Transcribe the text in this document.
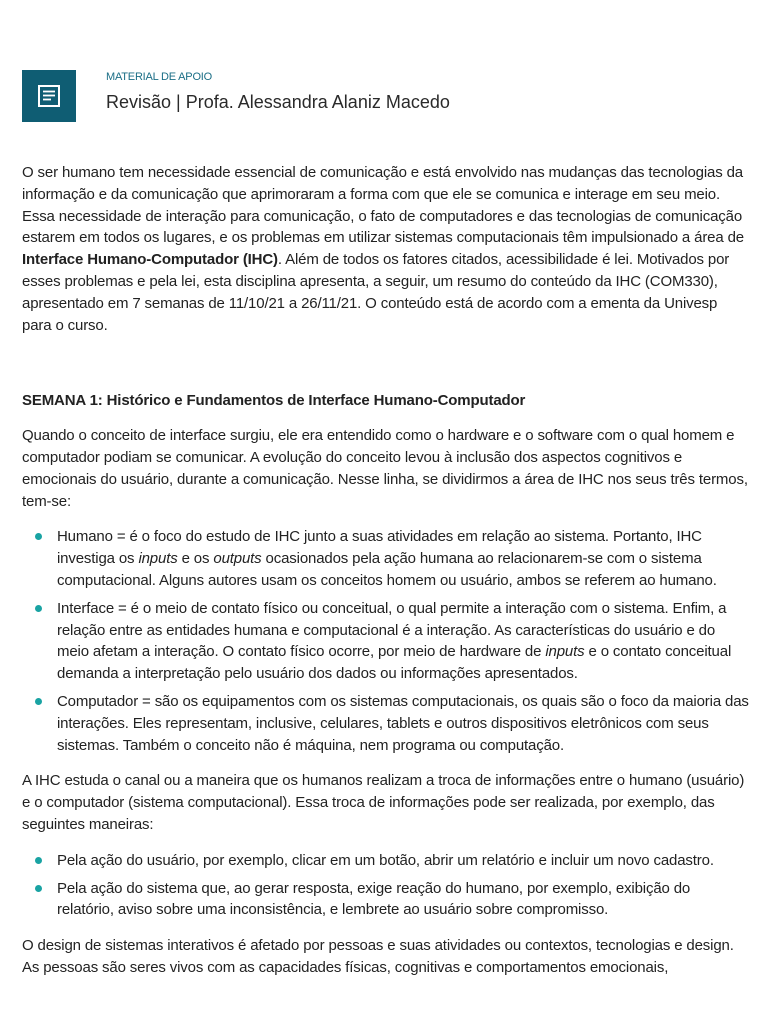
MATERIAL DE APOIO
Revisão | Profa. Alessandra Alaniz Macedo

O ser humano tem necessidade essencial de comunicação e está envolvido nas mudanças das tecnologias da informação e da comunicação que aprimoraram a forma com que ele se comunica e interage em seu meio. Essa necessidade de interação para comunicação, o fato de computadores e das tecnologias de comunicação estarem em todos os lugares, e os problemas em utilizar sistemas computacionais têm impulsionado a área de Interface Humano-Computador (IHC). Além de todos os fatores citados, acessibilidade é lei. Motivados por esses problemas e pela lei, esta disciplina apresenta, a seguir, um resumo do conteúdo da IHC (COM330), apresentado em 7 semanas de 11/10/21 a 26/11/21. O conteúdo está de acordo com a ementa da Univesp para o curso.

SEMANA 1: Histórico e Fundamentos de Interface Humano-Computador

Quando o conceito de interface surgiu, ele era entendido como o hardware e o software com o qual homem e computador podiam se comunicar. A evolução do conceito levou à inclusão dos aspectos cognitivos e emocionais do usuário, durante a comunicação. Nesse linha, se dividirmos a área de IHC nos seus três termos, tem-se:

Humano = é o foco do estudo de IHC junto a suas atividades em relação ao sistema. Portanto, IHC investiga os inputs e os outputs ocasionados pela ação humana ao relacionarem-se com o sistema computacional. Alguns autores usam os conceitos homem ou usuário, ambos se referem ao humano.
Interface = é o meio de contato físico ou conceitual, o qual permite a interação com o sistema. Enfim, a relação entre as entidades humana e computacional é a interação. As características do usuário e do meio afetam a interação. O contato físico ocorre, por meio de hardware de inputs e o contato conceitual demanda a interpretação pelo usuário dos dados ou informações apresentados.
Computador = são os equipamentos com os sistemas computacionais, os quais são o foco da maioria das interações. Eles representam, inclusive, celulares, tablets e outros dispositivos eletrônicos com seus sistemas. Também o conceito não é máquina, nem programa ou computação.

A IHC estuda o canal ou a maneira que os humanos realizam a troca de informações entre o humano (usuário) e o computador (sistema computacional). Essa troca de informações pode ser realizada, por exemplo, das seguintes maneiras:

Pela ação do usuário, por exemplo, clicar em um botão, abrir um relatório e incluir um novo cadastro.
Pela ação do sistema que, ao gerar resposta, exige reação do humano, por exemplo, exibição do relatório, aviso sobre uma inconsistência, e lembrete ao usuário sobre compromisso.

O design de sistemas interativos é afetado por pessoas e suas atividades ou contextos, tecnologias e design. As pessoas são seres vivos com as capacidades físicas, cognitivas e comportamentos emocionais,
